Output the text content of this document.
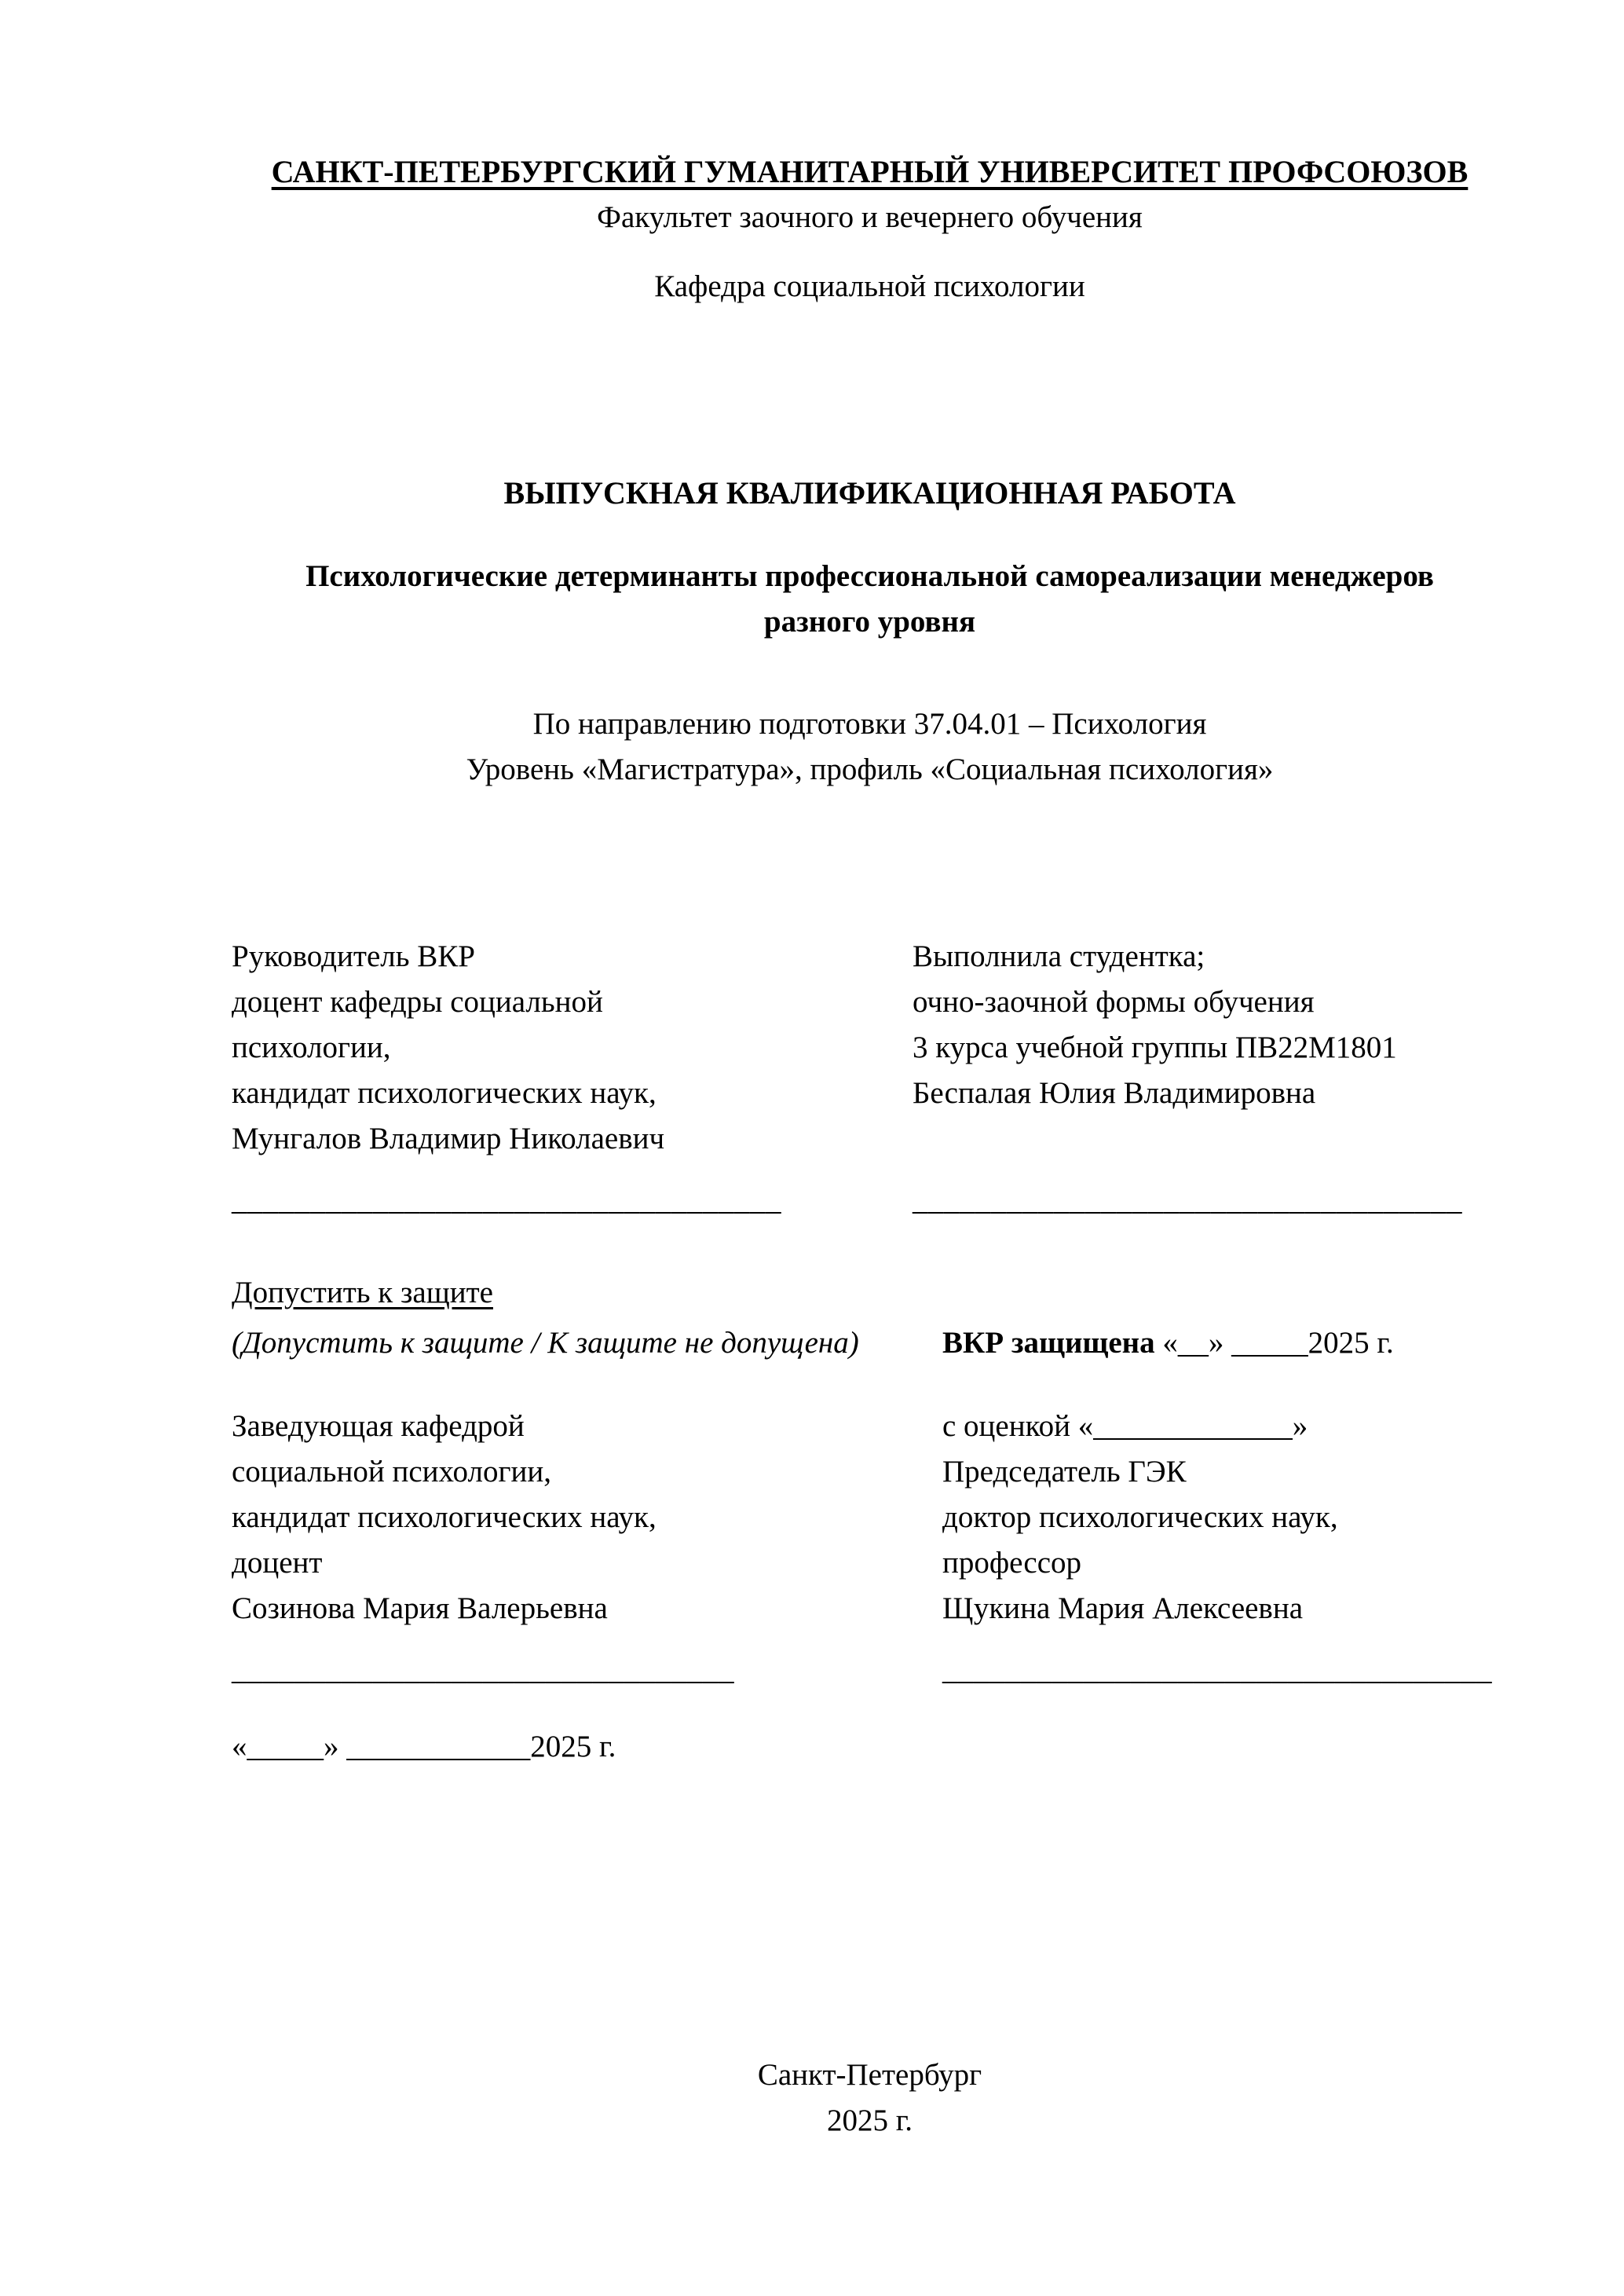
САНКТ-ПЕТЕРБУРГСКИЙ ГУМАНИТАРНЫЙ УНИВЕРСИТЕТ ПРОФСОЮЗОВ
Факультет заочного и вечернего обучения
Кафедра социальной психологии
ВЫПУСКНАЯ КВАЛИФИКАЦИОННАЯ РАБОТА
Психологические детерминанты профессиональной самореализации менеджеров
разного уровня
По направлению подготовки 37.04.01 – Психология
Уровень «Магистратура», профиль «Социальная психология»
Руководитель ВКР
доцент кафедры социальной
психологии,
кандидат психологических наук,
Мунгалов Владимир Николаевич
___________________________________
Выполнила студентка;
очно-заочной формы обучения
3 курса учебной группы ПВ22М1801
Беспалая Юлия Владимировна
___________________________________
Допустить к защите
(Допустить к защите / К защите не допущена)	ВКР защищена «__» _____2025 г.
Заведующая кафедрой
социальной психологии,
кандидат психологических наук,
доцент
Созинова Мария Валерьевна
________________________________
с оценкой «_____________»
Председатель ГЭК
доктор психологических наук,
профессор
Щукина Мария Алексеевна
___________________________________
«_____» ____________2025 г.
Санкт-Петербург
2025 г.
